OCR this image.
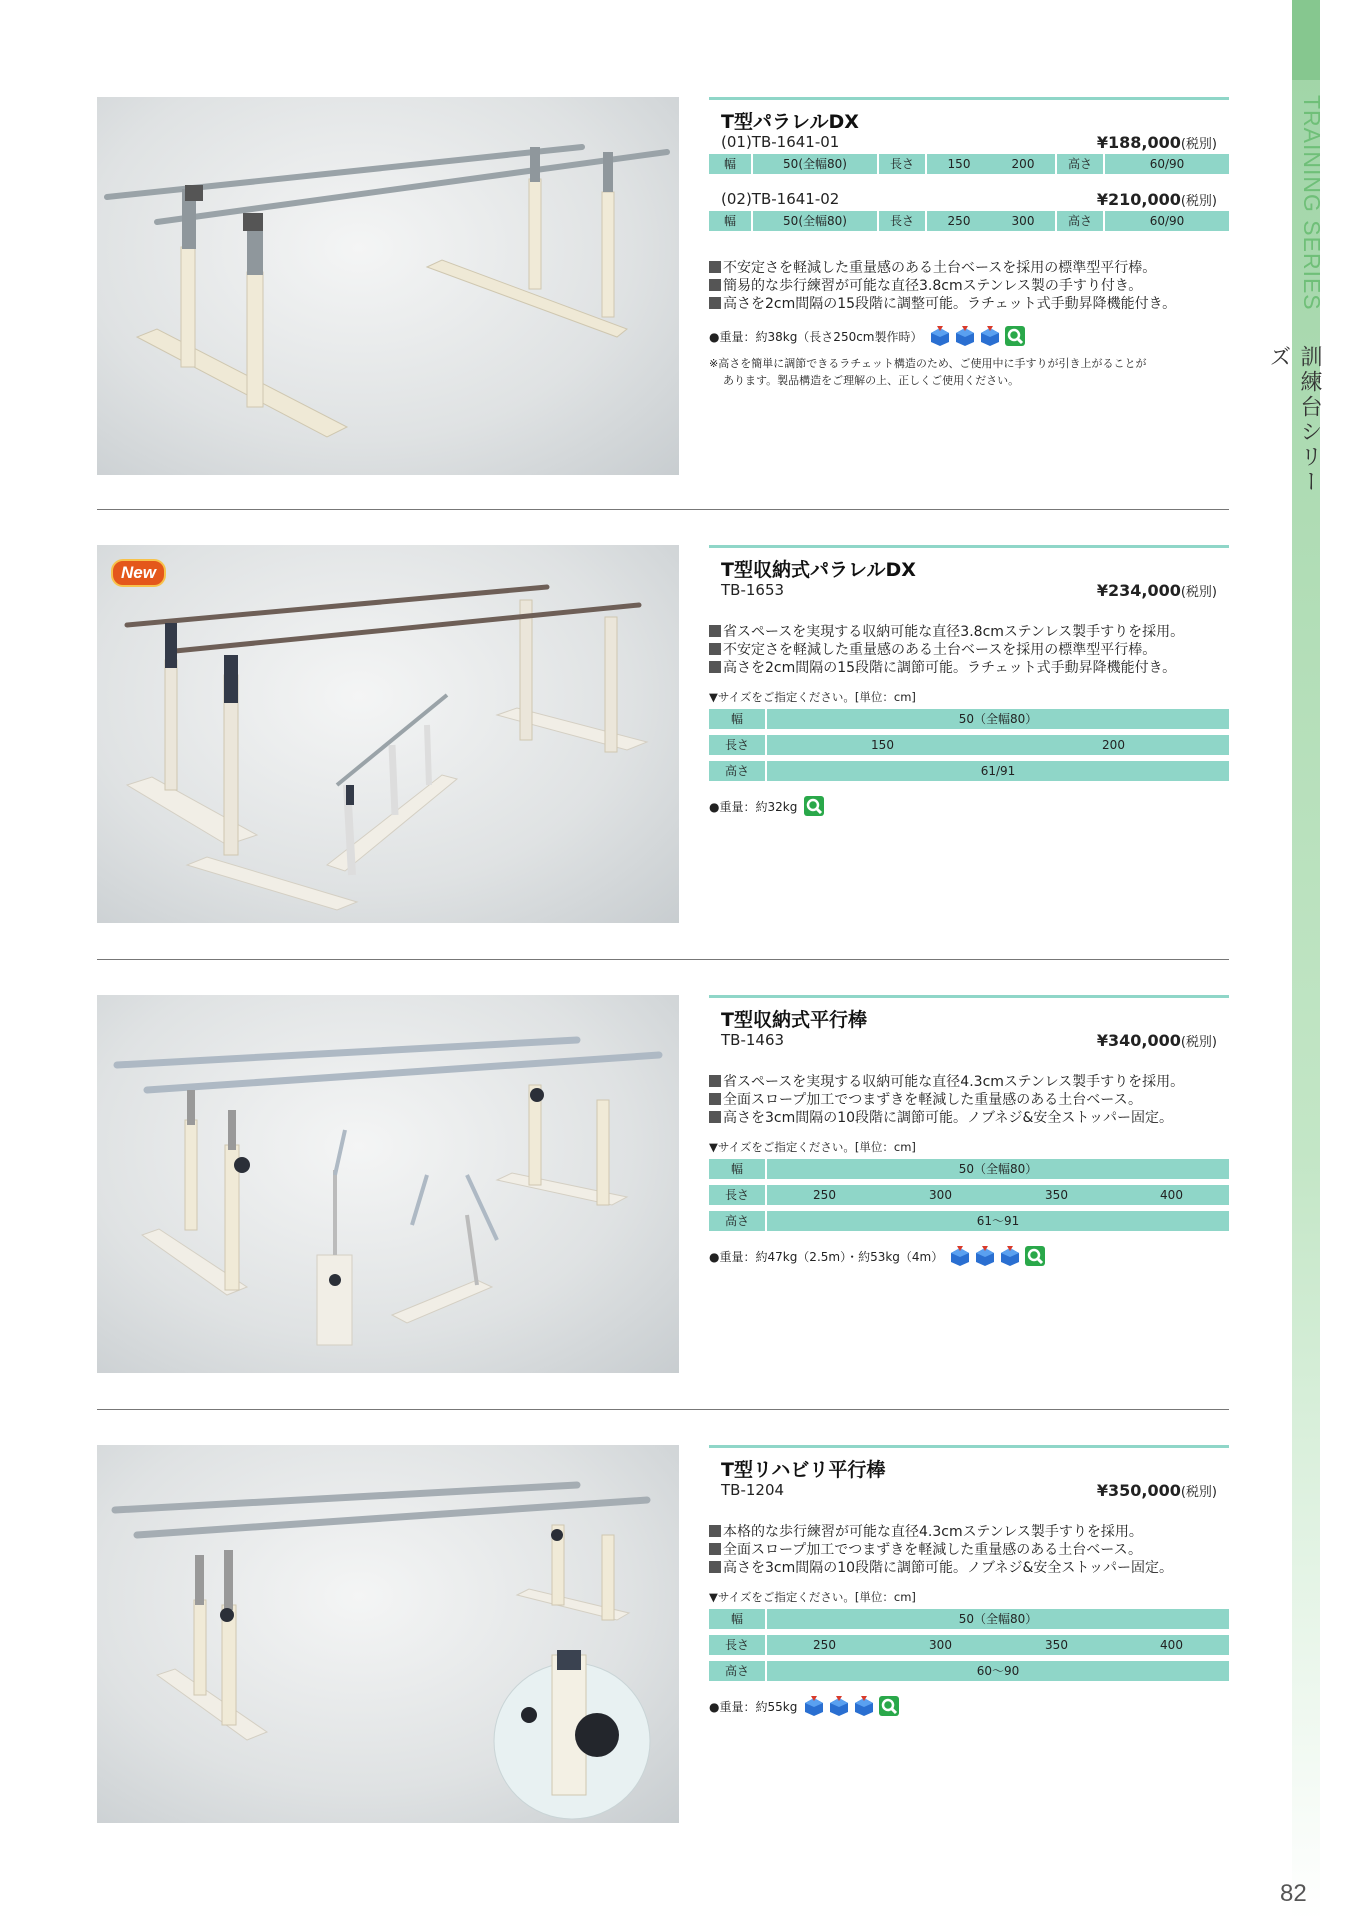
TRAINING SERIES
訓練台シリーズ
82
T型パラレルDX
(01)TB-1641-01	¥188,000(税別)
幅	50(全幅80)	長さ	150	200	高さ	60/90
(02)TB-1641-02	¥210,000(税別)
幅	50(全幅80)	長さ	250	300	高さ	60/90
不安定さを軽減した重量感のある土台ベースを採用の標準型平行棒。
簡易的な歩行練習が可能な直径3.8cmステンレス製の手すり付き。
高さを2cm間隔の15段階に調整可能。ラチェット式手動昇降機能付き。
●重量：約38kg（長さ250cm製作時）
※高さを簡単に調節できるラチェット構造のため、ご使用中に手すりが引き上がることが
あります。製品構造をご理解の上、正しくご使用ください。
New	T型収納式パラレルDX
TB-1653	¥234,000(税別)
省スペースを実現する収納可能な直径3.8cmステンレス製手すりを採用。
不安定さを軽減した重量感のある土台ベースを採用の標準型平行棒。
高さを2cm間隔の15段階に調節可能。ラチェット式手動昇降機能付き。
▼サイズをご指定ください。[単位：cm]
幅	50（全幅80）
長さ	150	200
高さ	61/91
●重量：約32kg
T型収納式平行棒
TB-1463	¥340,000(税別)
省スペースを実現する収納可能な直径4.3cmステンレス製手すりを採用。
全面スロープ加工でつまずきを軽減した重量感のある土台ベース。
高さを3cm間隔の10段階に調節可能。ノブネジ&安全ストッパー固定。
▼サイズをご指定ください。[単位：cm]
幅	50（全幅80）
長さ	250	300	350	400
高さ	61～91
●重量：約47kg（2.5m）・約53kg（4m）
T型リハビリ平行棒
TB-1204	¥350,000(税別)
本格的な歩行練習が可能な直径4.3cmステンレス製手すりを採用。
全面スロープ加工でつまずきを軽減した重量感のある土台ベース。
高さを3cm間隔の10段階に調節可能。ノブネジ&安全ストッパー固定。
▼サイズをご指定ください。[単位：cm]
幅	50（全幅80）
長さ	250	300	350	400
高さ	60～90
●重量：約55kg
